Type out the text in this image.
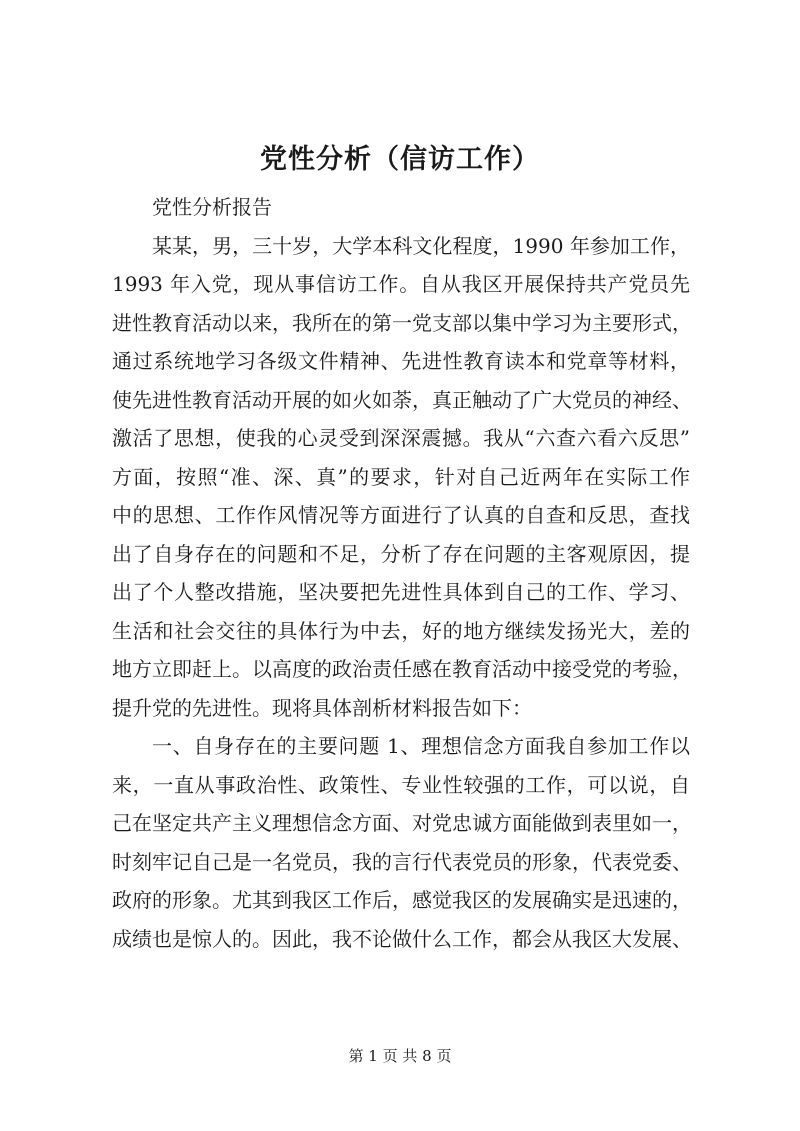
党性分析（信访工作）
党性分析报告
某某，男，三十岁，大学本科文化程度，1990 年参加工作，
1993 年入党，现从事信访工作。自从我区开展保持共产党员先
进性教育活动以来，我所在的第一党支部以集中学习为主要形式，
通过系统地学习各级文件精神、先进性教育读本和党章等材料，
使先进性教育活动开展的如火如荼，真正触动了广大党员的神经、
激活了思想，使我的心灵受到深深震撼。我从“六查六看六反思”
方面，按照“准、深、真”的要求，针对自己近两年在实际工作
中的思想、工作作风情况等方面进行了认真的自查和反思，查找
出了自身存在的问题和不足，分析了存在问题的主客观原因，提
出了个人整改措施，坚决要把先进性具体到自己的工作、学习、
生活和社会交往的具体行为中去，好的地方继续发扬光大，差的
地方立即赶上。以高度的政治责任感在教育活动中接受党的考验，
提升党的先进性。现将具体剖析材料报告如下：
一、自身存在的主要问题 1、理想信念方面我自参加工作以
来，一直从事政治性、政策性、专业性较强的工作，可以说，自
己在坚定共产主义理想信念方面、对党忠诚方面能做到表里如一，
时刻牢记自己是一名党员，我的言行代表党员的形象，代表党委、
政府的形象。尤其到我区工作后，感觉我区的发展确实是迅速的，
成绩也是惊人的。因此，我不论做什么工作，都会从我区大发展、
第 1 页 共 8 页
